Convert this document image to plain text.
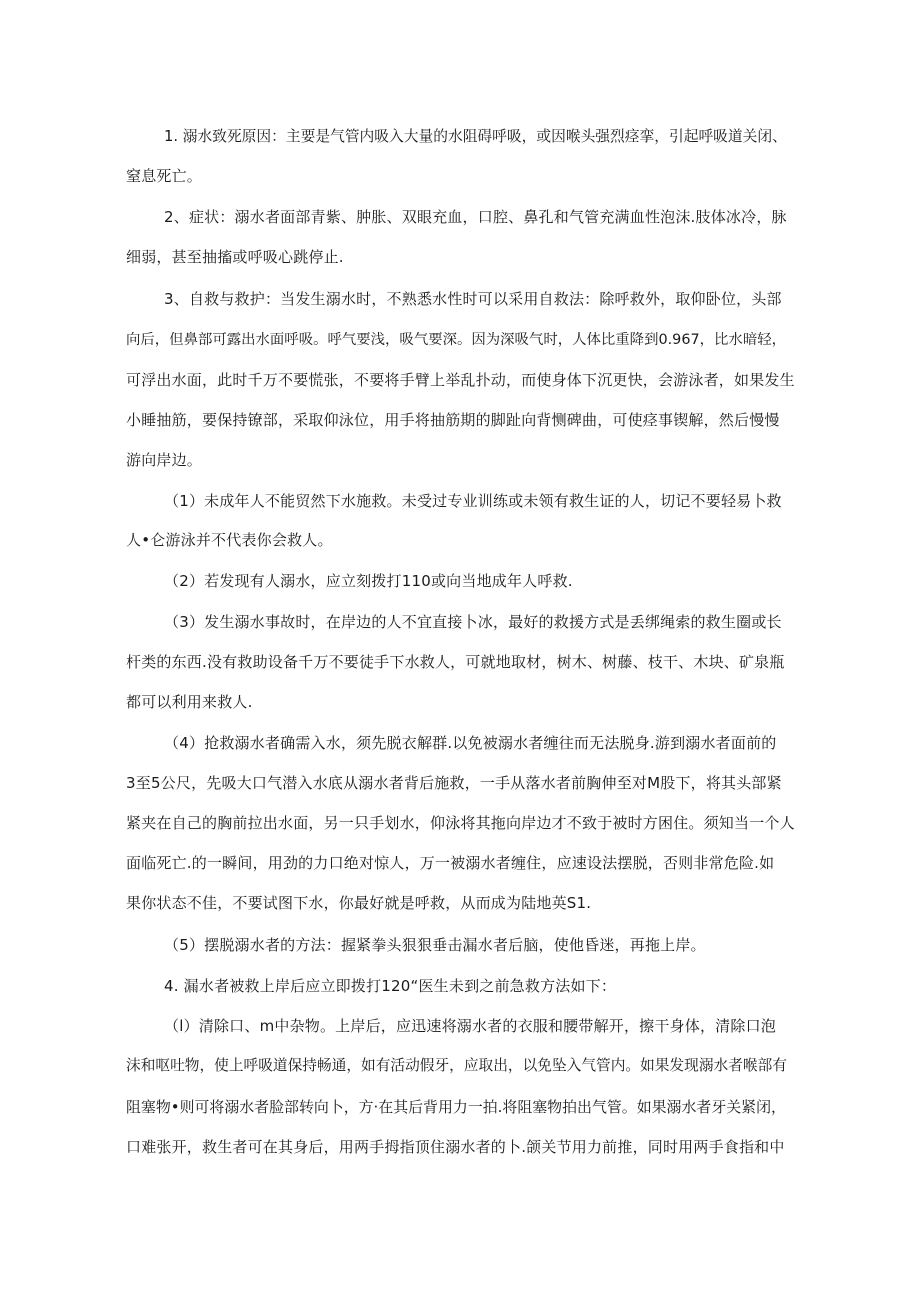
1. 溺水致死原因：主要是气管内吸入大量的水阻碍呼吸，或因喉头强烈痉挛，引起呼吸道关闭、
窒息死亡。
2、症状：溺水者面部青紫、肿胀、双眼充血，口腔、鼻孔和气管充满血性泡沫.肢体冰冷，脉
细弱，甚至抽搐或呼吸心跳停止.
3、自救与救护：当发生溺水时，不熟悉水性时可以采用自救法：除呼救外，取仰卧位，头部
向后，但鼻部可露出水面呼吸。呼气要浅，吸气要深。因为深吸气时，人体比重降到0.967，比水暗轻，
可浮出水面，此时千万不要慌张，不要将手臂上举乱扑动，而使身体下沉更快，会游泳者，如果发生
小睡抽筋，要保持镣部，采取仰泳位，用手将抽筋期的脚趾向背恻碑曲，可使痉事锲解，然后慢慢
游向岸边。
（1）未成年人不能贸然下水施救。未受过专业训练或未领有救生证的人，切记不要轻易卜救
人•仑游泳并不代表你会救人。
（2）若发现有人溺水，应立刻拨打110或向当地成年人呼救.
（3）发生溺水事故时，在岸边的人不宜直接卜冰，最好的救援方式是丢绑绳索的救生圈或长
杆类的东西.没有救助设备千万不要徒手下水救人，可就地取材，树木、树藤、枝干、木块、矿泉瓶
都可以利用来救人.
（4）抢救溺水者确需入水，须先脱衣解群.以免被溺水者缠往而无法脱身.游到溺水者面前的
3至5公尺，先吸大口气潜入水底从溺水者背后施救，一手从落水者前胸伸至对M股下，将其头部紧
紧夹在自己的胸前拉出水面，另一只手划水，仰泳将其拖向岸边才不致于被时方困住。须知当一个人
面临死亡.的一瞬间，用劲的力口绝对惊人，万一被溺水者缠住，应速设法摆脱，否则非常危险.如
果你状态不佳，不要试图下水，你最好就是呼救，从而成为陆地英S1.
（5）摆脱溺水者的方法：握紧拳头狠狠垂击漏水者后脑，使他昏迷，再拖上岸。
4. 漏水者被救上岸后应立即拨打120“医生未到之前急救方法如下：
（l）清除口、m中杂物。上岸后，应迅速将溺水者的衣服和腰带解开，擦干身体，清除口泡
沫和呕吐物，使上呼吸道保持畅通，如有活动假牙，应取出，以免坠入气管内。如果发现溺水者喉部有
阻塞物•则可将溺水者脸部转向卜，方·在其后背用力一拍.将阻塞物拍出气管。如果溺水者牙关紧闭，
口难张开，救生者可在其身后，用两手拇指顶住溺水者的卜.颌关节用力前推，同时用两手食指和中
